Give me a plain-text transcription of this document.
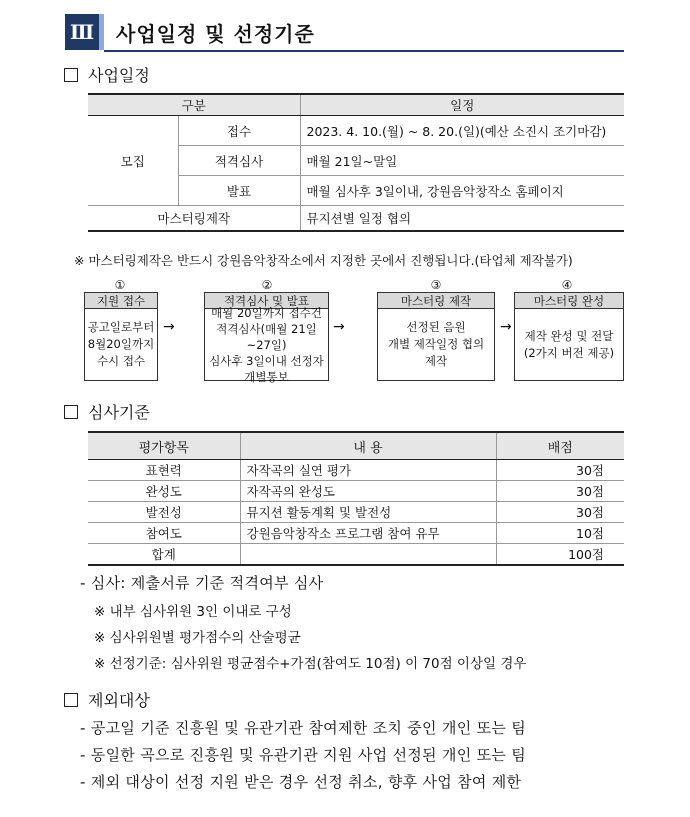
Ⅲ 사업일정 및 선정기준
사업일정
구분		일정
모집	접수	2023. 4. 10.(월) ~ 8. 20.(일)(예산 소진시 조기마감)
	적격심사	매월 21일~말일
	발표	매월 심사후 3일이내, 강원음악창작소 홈페이지
마스터링제작		뮤지션별 일정 협의
※ 마스터링제작은 반드시 강원음악창작소에서 지정한 곳에서 진행됩니다.(타업체 제작불가)
①	②	③	④
지원 접수
공고일로부터
8월20일까지
수시 접수
→
적격심사 및 발표
매월 20일까지 접수건
적격심사(매월 21일~27일)
심사후 3일이내 선정자
개별통보
→
마스터링 제작
선정된 음원
개별 제작일정 협의
제작
→
마스터링 완성
제작 완성 및 전달
(2가지 버전 제공)
심사기준
평가항목	내 용	배점
표현력	자작곡의 실연 평가	30점
완성도	자작곡의 완성도	30점
발전성	뮤지션 활동계획 및 발전성	30점
참여도	강원음악창작소 프로그램 참여 유무	10점
합계		100점
- 심사: 제출서류 기준 적격여부 심사
※ 내부 심사위원 3인 이내로 구성
※ 심사위원별 평가점수의 산술평균
※ 선정기준: 심사위원 평균점수+가점(참여도 10점) 이 70점 이상일 경우
제외대상
- 공고일 기준 진흥원 및 유관기관 참여제한 조치 중인 개인 또는 팀
- 동일한 곡으로 진흥원 및 유관기관 지원 사업 선정된 개인 또는 팀
- 제외 대상이 선정 지원 받은 경우 선정 취소, 향후 사업 참여 제한
